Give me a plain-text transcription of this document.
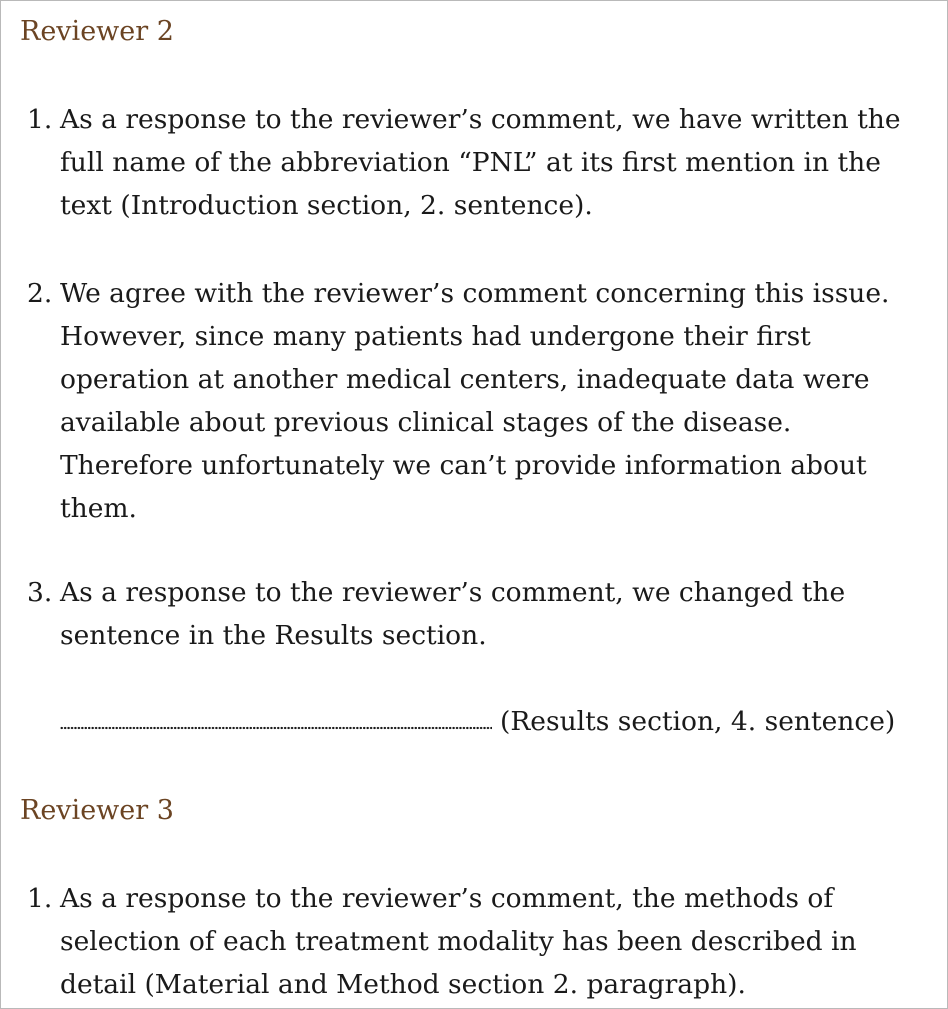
Reviewer 2
1. As a response to the reviewer’s comment, we have written the
full name of the abbreviation “PNL” at its first mention in the
text (Introduction section, 2. sentence).
2. We agree with the reviewer’s comment concerning this issue.
However, since many patients had undergone their first
operation at another medical centers, inadequate data were
available about previous clinical stages of the disease.
Therefore unfortunately we can’t provide information about
them.
3. As a response to the reviewer’s comment, we changed the
sentence in the Results section.
(Results section, 4. sentence)
Reviewer 3
1. As a response to the reviewer’s comment, the methods of
selection of each treatment modality has been described in
detail (Material and Method section 2. paragraph).
